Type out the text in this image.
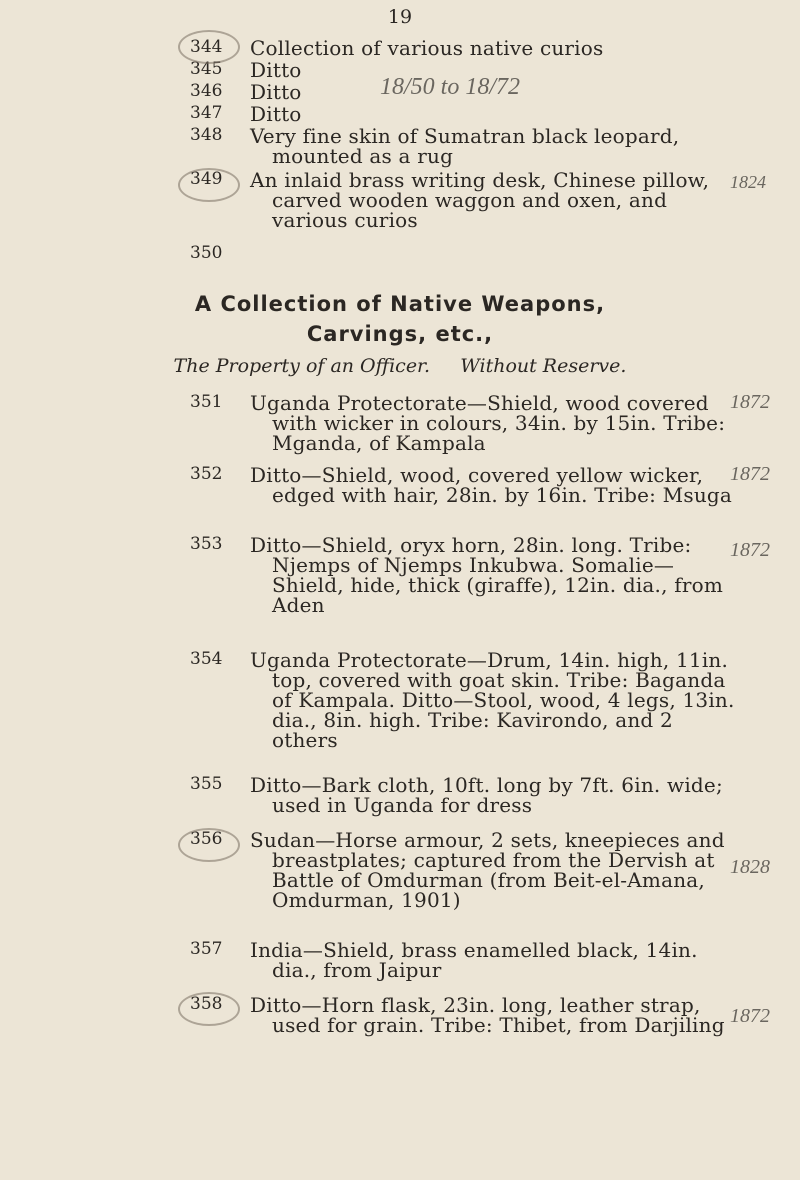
19
344	Collection of various native curios
345	Ditto
346	Ditto	18/50 to 18/72
347	Ditto
348	Very fine skin of Sumatran black leopard, mounted as a rug
349	An inlaid brass writing desk, Chinese pillow, carved wooden waggon and oxen, and various curios
1824
350
A Collection of Native Weapons,
Carvings, etc.,
The Property of an Officer. Without Reserve.
351	Uganda Protectorate—Shield, wood covered with wicker in colours, 34in. by 15in. Tribe: Mganda, of Kampala
1872
352	Ditto—Shield, wood, covered yellow wicker, edged with hair, 28in. by 16in. Tribe: Msuga
1872
353	Ditto—Shield, oryx horn, 28in. long. Tribe: Njemps of Njemps Inkubwa. Somalie—Shield, hide, thick (giraffe), 12in. dia., from Aden
1872
354	Uganda Protectorate—Drum, 14in. high, 11in. top, covered with goat skin. Tribe: Baganda of Kampala. Ditto—Stool, wood, 4 legs, 13in. dia., 8in. high. Tribe: Kavirondo, and 2 others
355	Ditto—Bark cloth, 10ft. long by 7ft. 6in. wide; used in Uganda for dress
356	Sudan—Horse armour, 2 sets, kneepieces and breastplates; captured from the Dervish at Battle of Omdurman (from Beit-el-Amana, Omdurman, 1901)
1828
357	India—Shield, brass enamelled black, 14in. dia., from Jaipur
358	Ditto—Horn flask, 23in. long, leather strap, used for grain. Tribe: Thibet, from Darjiling 1872
